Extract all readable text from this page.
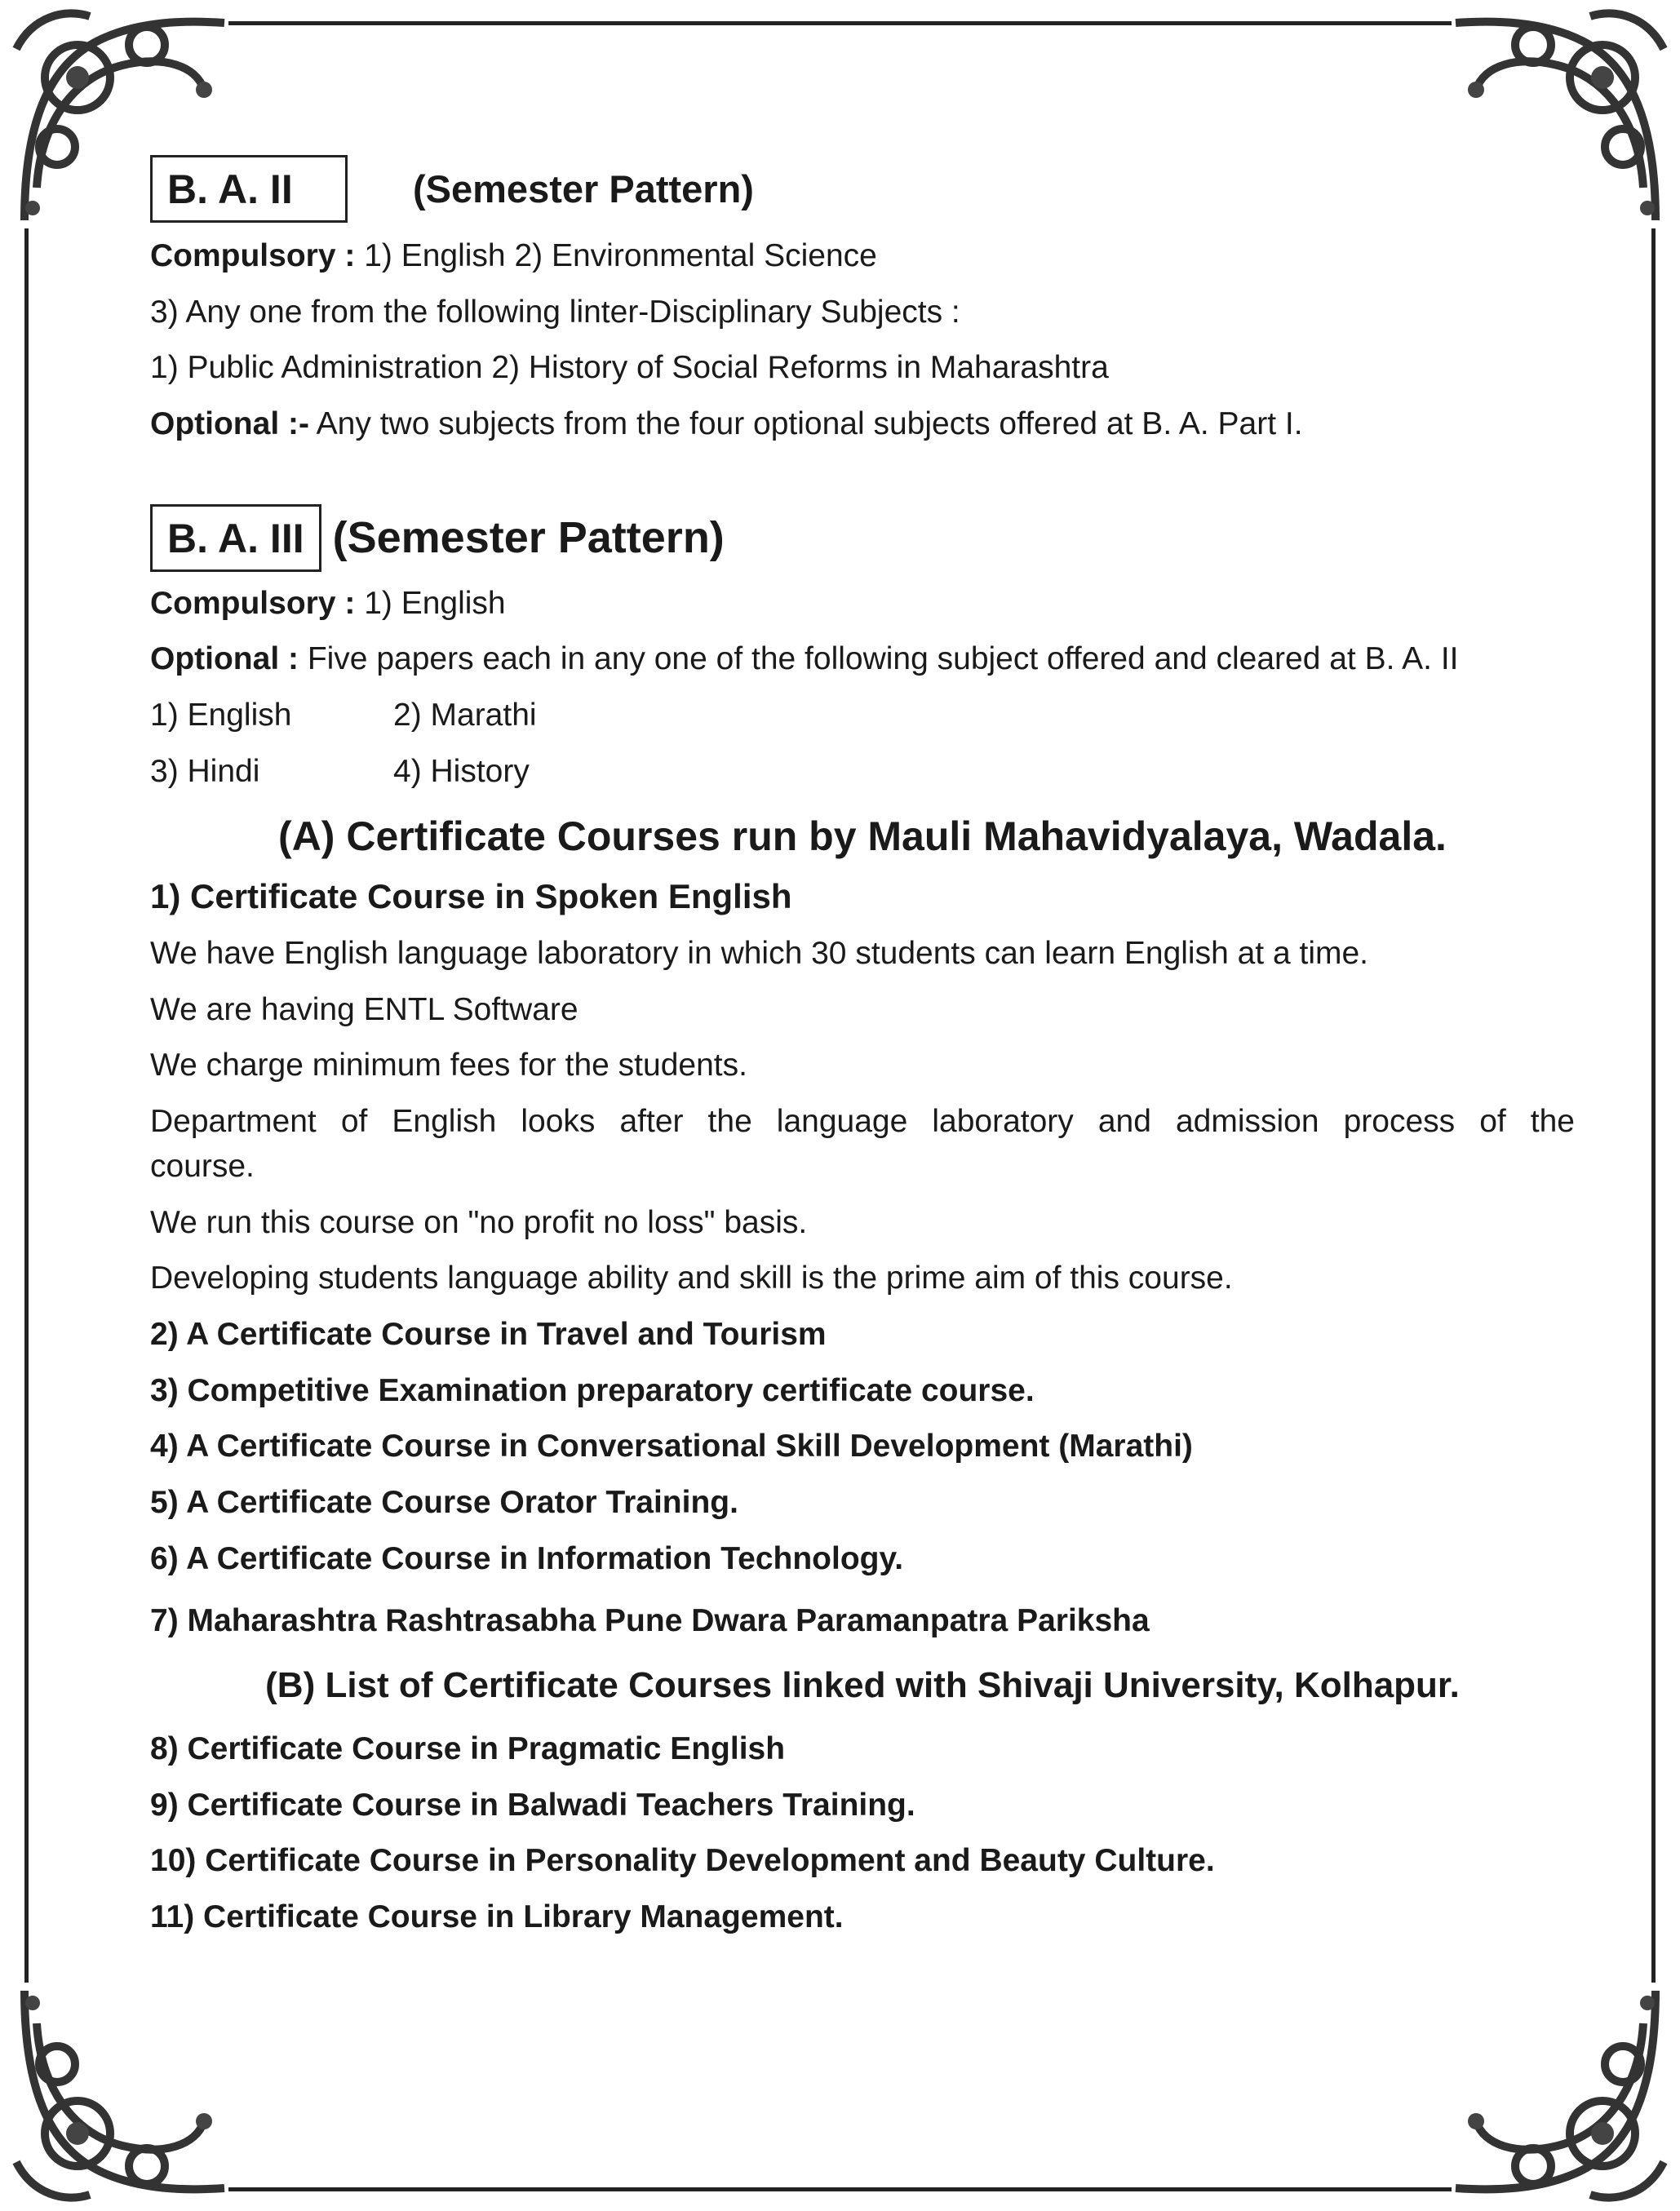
B. A. II	(Semester Pattern)

Compulsory : 1) English 2) Environmental Science

3) Any one from the following linter-Disciplinary Subjects :

1) Public Administration 2) History of Social Reforms in Maharashtra

Optional :- Any two subjects from the four optional subjects offered at B. A. Part I.

B. A. III (Semester Pattern)

Compulsory : 1) English

Optional : Five papers each in any one of the following subject offered and cleared at B. A. II

1) English	2) Marathi

3) Hindi	4) History

(A) Certificate Courses run by Mauli Mahavidyalaya, Wadala.

1) Certificate Course in Spoken English

We have English language laboratory in which 30 students can learn English at a time.

We are having ENTL Software

We charge minimum fees for the students.

Department of English looks after the language laboratory and admission process of the

course.

We run this course on "no profit no loss" basis.

Developing students language ability and skill is the prime aim of this course.

2) A Certificate Course in Travel and Tourism

3) Competitive Examination preparatory certificate course.

4) A Certificate Course in Conversational Skill Development (Marathi)

5) A Certificate Course Orator Training.

6) A Certificate Course in Information Technology.

7) Maharashtra Rashtrasabha Pune Dwara Paramanpatra Pariksha

(B) List of Certificate Courses linked with Shivaji University, Kolhapur.

8) Certificate Course in Pragmatic English

9) Certificate Course in Balwadi Teachers Training.

10) Certificate Course in Personality Development and Beauty Culture.

11) Certificate Course in Library Management.
